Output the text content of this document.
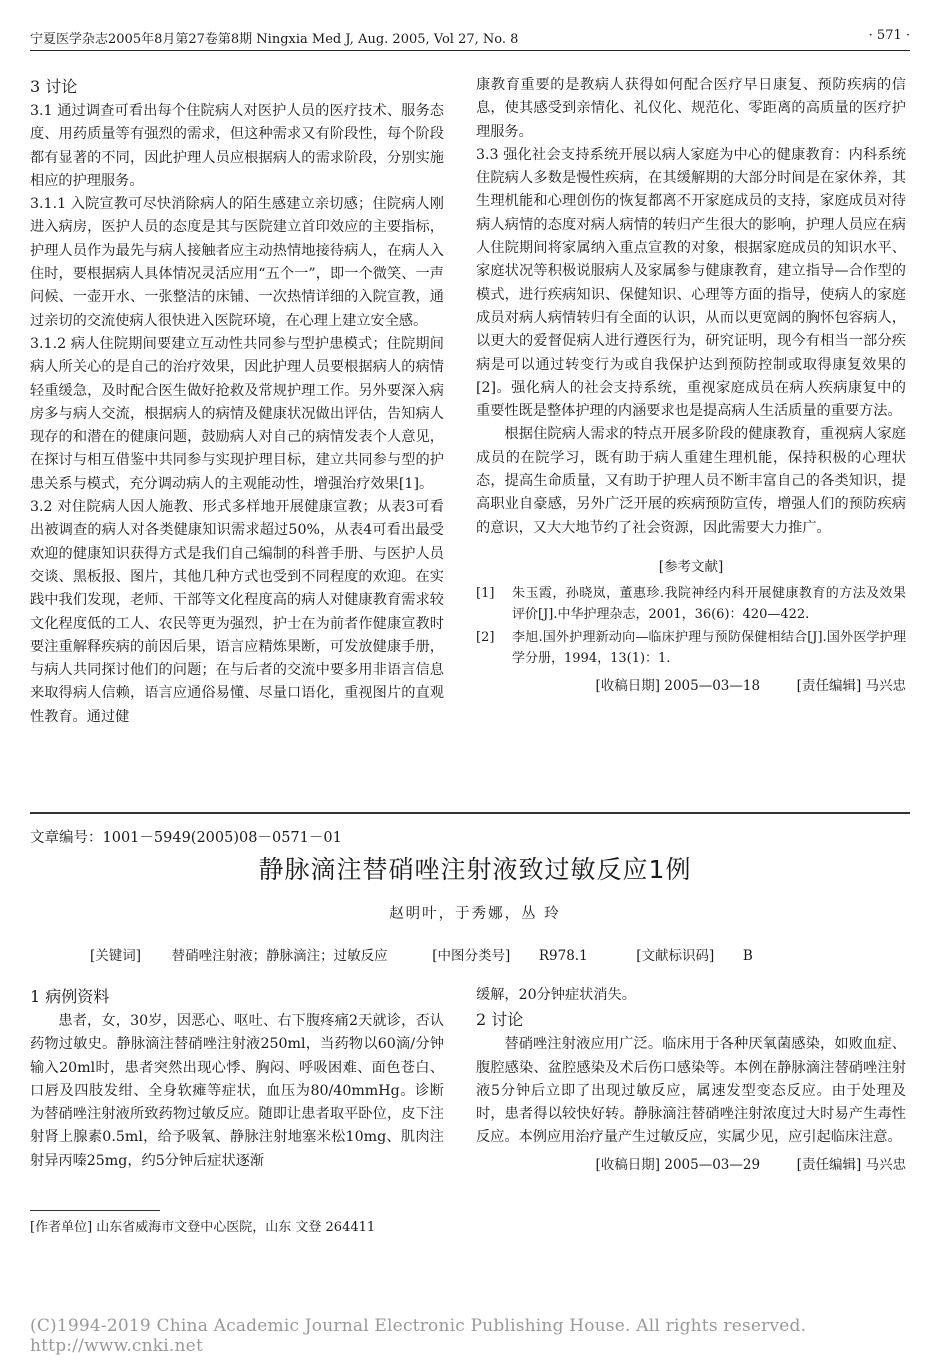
宁夏医学杂志2005年8月第27卷第8期 Ningxia Med J, Aug. 2005, Vol 27, No. 8	· 571 ·

3 讨论

3.1 通过调查可看出每个住院病人对医护人员的医疗技术、服务态度、用药质量等有强烈的需求，但这种需求又有阶段性，每个阶段都有显著的不同，因此护理人员应根据病人的需求阶段，分别实施相应的护理服务。

3.1.1 入院宣教可尽快消除病人的陌生感建立亲切感；住院病人刚进入病房，医护人员的态度是其与医院建立首印效应的主要指标，护理人员作为最先与病人接触者应主动热情地接待病人，在病人入住时，要根据病人具体情况灵活应用“五个一”，即一个微笑、一声问候、一壶开水、一张整洁的床铺、一次热情详细的入院宣教，通过亲切的交流使病人很快进入医院环境，在心理上建立安全感。

3.1.2 病人住院期间要建立互动性共同参与型护患模式；住院期间病人所关心的是自己的治疗效果，因此护理人员要根据病人的病情轻重缓急，及时配合医生做好抢救及常规护理工作。另外要深入病房多与病人交流，根据病人的病情及健康状况做出评估，告知病人现存的和潜在的健康问题，鼓励病人对自己的病情发表个人意见，在探讨与相互借鉴中共同参与实现护理目标，建立共同参与型的护患关系与模式，充分调动病人的主观能动性，增强治疗效果[1]。

3.2 对住院病人因人施教、形式多样地开展健康宣教；从表3可看出被调查的病人对各类健康知识需求超过50%，从表4可看出最受欢迎的健康知识获得方式是我们自己编制的科普手册、与医护人员交谈、黑板报、图片，其他几种方式也受到不同程度的欢迎。在实践中我们发现，老师、干部等文化程度高的病人对健康教育需求较文化程度低的工人、农民等更为强烈，护士在为前者作健康宣教时要注重解释疾病的前因后果，语言应精炼果断，可发放健康手册，与病人共同探讨他们的问题；在与后者的交流中要多用非语言信息来取得病人信赖，语言应通俗易懂、尽量口语化，重视图片的直观性教育。通过健

康教育重要的是教病人获得如何配合医疗早日康复、预防疾病的信息，使其感受到亲情化、礼仪化、规范化、零距离的高质量的医疗护理服务。

3.3 强化社会支持系统开展以病人家庭为中心的健康教育：内科系统住院病人多数是慢性疾病，在其缓解期的大部分时间是在家休养，其生理机能和心理创伤的恢复都离不开家庭成员的支持，家庭成员对待病人病情的态度对病人病情的转归产生很大的影响，护理人员应在病人住院期间将家属纳入重点宣教的对象，根据家庭成员的知识水平、家庭状况等积极说服病人及家属参与健康教育，建立指导—合作型的模式，进行疾病知识、保健知识、心理等方面的指导，使病人的家庭成员对病人病情转归有全面的认识，从而以更宽阔的胸怀包容病人，以更大的爱督促病人进行遵医行为，研究证明，现今有相当一部分疾病是可以通过转变行为或自我保护达到预防控制或取得康复效果的[2]。强化病人的社会支持系统，重视家庭成员在病人疾病康复中的重要性既是整体护理的内涵要求也是提高病人生活质量的重要方法。

根据住院病人需求的特点开展多阶段的健康教育，重视病人家庭成员的在院学习，既有助于病人重建生理机能，保持积极的心理状态，提高生命质量，又有助于护理人员不断丰富自己的各类知识，提高职业自豪感，另外广泛开展的疾病预防宣传，增强人们的预防疾病的意识，又大大地节约了社会资源，因此需要大力推广。

[参考文献]
[1]	朱玉霞，孙晓岚，董惠珍.我院神经内科开展健康教育的方法及效果评价[J].中华护理杂志，2001，36(6)：420—422.
[2]	李旭.国外护理新动向—临床护理与预防保健相结合[J].国外医学护理学分册，1994，13(1)：1.
[收稿日期] 2005—03—18	[责任编辑] 马兴忠
文章编号：1001－5949(2005)08－0571－01
静脉滴注替硝唑注射液致过敏反应1例
赵明叶，于秀娜，丛 玲
[关键词] 替硝唑注射液；静脉滴注；过敏反应	[中图分类号] R978.1	[文献标识码] B

1 病例资料

患者，女，30岁，因恶心、呕吐、右下腹疼痛2天就诊，否认药物过敏史。静脉滴注替硝唑注射液250ml，当药物以60滴/分钟输入20ml时，患者突然出现心悸、胸闷、呼吸困难、面色苍白、口唇及四肢发绀、全身软瘫等症状，血压为80/40mmHg。诊断为替硝唑注射液所致药物过敏反应。随即让患者取平卧位，皮下注射肾上腺素0.5ml，给予吸氧、静脉注射地塞米松10mg、肌肉注射异丙嗪25mg，约5分钟后症状逐渐

缓解，20分钟症状消失。

2 讨论

替硝唑注射液应用广泛。临床用于各种厌氧菌感染，如败血症、腹腔感染、盆腔感染及术后伤口感染等。本例在静脉滴注替硝唑注射液5分钟后立即了出现过敏反应，属速发型变态反应。由于处理及时，患者得以较快好转。静脉滴注替硝唑注射浓度过大时易产生毒性反应。本例应用治疗量产生过敏反应，实属少见，应引起临床注意。

[收稿日期] 2005—03—29	[责任编辑] 马兴忠
[作者单位] 山东省威海市文登中心医院，山东 文登 264411
(C)1994-2019 China Academic Journal Electronic Publishing House. All rights reserved. http://www.cnki.net
